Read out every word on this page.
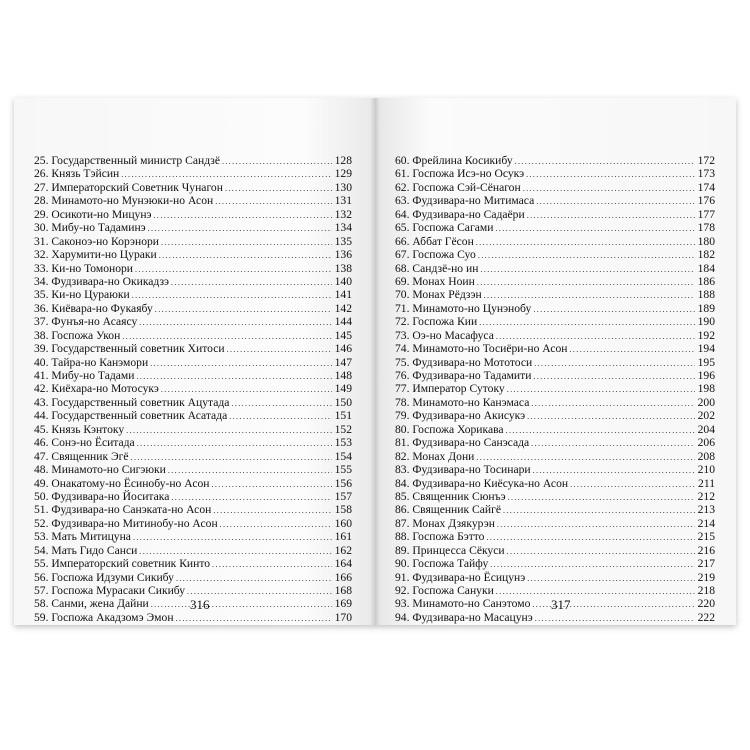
25. Государственный министр Сандзё . . .	128
26. Князь Тэйсин . . .	129
27. Императорский Советник Чунагон . . .	130
28. Минамото-но Мунэюки-но Асон . . .	131
29. Осикоти-но Мицунэ . . .	132
30. Мибу-но Тадаминэ . . .	134
31. Саконоэ-но Корэнори . . .	135
32. Харумити-но Цураки . . .	136
33. Ки-но Томонори . . .	138
34. Фудзивара-но Окикадзэ . . .	140
35. Ки-но Цураюки . . .	141
36. Киёвара-но Фукаябу . . .	142
37. Фунъя-но Асаясу . . .	144
38. Госпожа Укон . . .	145
39. Государственный советник Хитоси . . .	146
40. Тайра-но Канэмори . . .	147
41. Мибу-но Тадами . . .	148
42. Киёхара-но Мотосукэ . . .	149
43. Государственный советник Ацутада . . .	150
44. Государственный советник Асатада . . .	151
45. Князь Кэнтоку . . .	152
46. Сонэ-но Ёситада . . .	153
47. Священник Эгё . . .	154
48. Минамото-но Сигэюки . . .	155
49. Онакатому-но Ёсинобу-но Асон . . .	156
50. Фудзивара-но Йоситака . . .	157
51. Фудзивара-но Санэката-но Асон . . .	158
52. Фудзивара-но Митинобу-но Асон . . .	160
53. Мать Митицуна . . .	161
54. Мать Гидо Санси . . .	162
55. Императорский советник Кинто . . .	164
56. Госпожа Идзуми Сикибу . . .	166
57. Госпожа Мурасаки Сикибу . . .	168
58. Санми, жена Дайни . . .	169
59. Госпожа Акадзомэ Эмон . . .	170
316
60. Фрейлина Косикибу . . .	172
61. Госпожа Исэ-но Осукэ . . .	173
62. Госпожа Сэй-Сёнагон . . .	174
63. Фудзивара-но Митимаса . . .	176
64. Фудзивара-но Садаёри . . .	177
65. Госпожа Сагами . . .	178
66. Аббат Гёсон . . .	180
67. Госпожа Суо . . .	182
68. Сандзё-но ин . . .	184
69. Монах Ноин . . .	186
70. Монах Рёдзэн . . .	188
71. Минамото-но Цунэнобу . . .	189
72. Госпожа Кии . . .	190
73. Оэ-но Масафуса . . .	192
74. Минамото-но Тосиёри-но Асон . . .	194
75. Фудзивара-но Мототоси . . .	195
76. Фудзивара-но Тадамити . . .	196
77. Император Сутоку . . .	198
78. Минамото-но Канэмаса . . .	200
79. Фудзивара-но Акисукэ . . .	202
80. Госпожа Хорикава . . .	204
81. Фудзивара-но Санэсада . . .	206
82. Монах Дони . . .	208
83. Фудзивара-но Тосинари . . .	210
84. Фудзивара-но Киёсука-но Асон . . .	211
85. Священник Сюнъэ . . .	212
86. Священник Сайгё . . .	213
87. Монах Дзякурэн . . .	214
88. Госпожа Бэтто . . .	215
89. Принцесса Сёкуси . . .	216
90. Госпожа Тайфу . . .	217
91. Фудзивара-но Ёсицунэ . . .	219
92. Госпожа Сануки . . .	218
93. Минамото-но Санэтомо . . .	220
94. Фудзивара-но Масацунэ . . .	222
317
